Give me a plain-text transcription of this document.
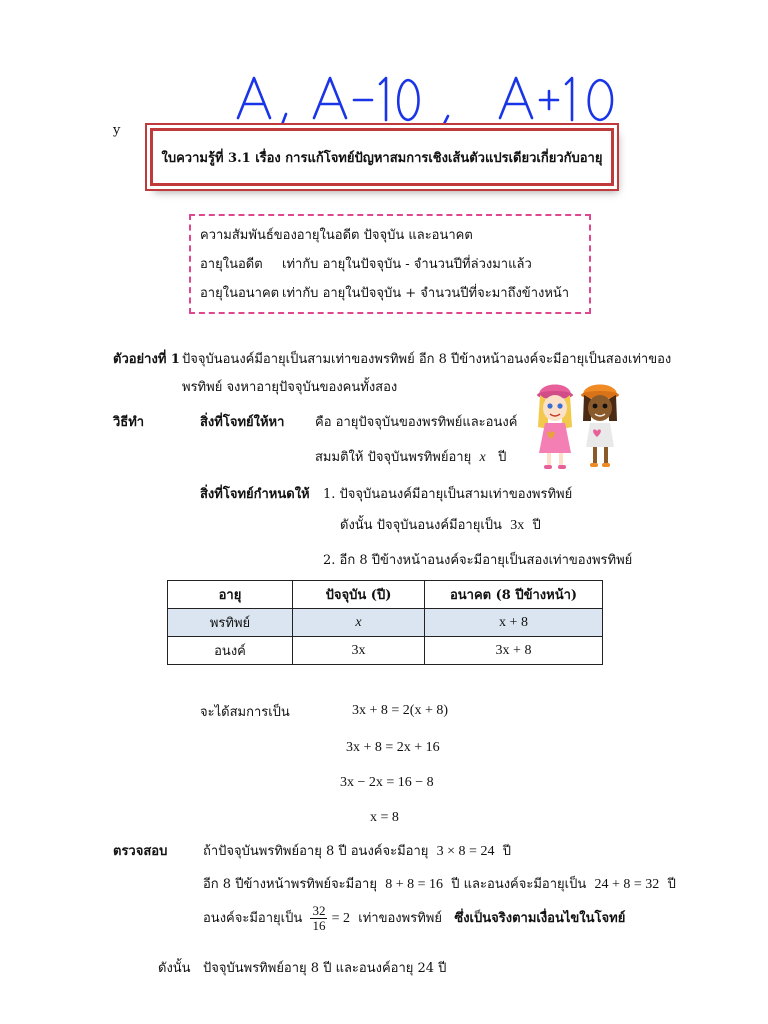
y
ใบความรู้ที่ 3.1 เรื่อง การแก้โจทย์ปัญหาสมการเชิงเส้นตัวแปรเดียวเกี่ยวกับอายุ
ความสัมพันธ์ของอายุในอดีต ปัจจุบัน และอนาคต
อายุในอดีต เท่ากับ อายุในปัจจุบัน - จำนวนปีที่ล่วงมาแล้ว
อายุในอนาคต เท่ากับ อายุในปัจจุบัน + จำนวนปีที่จะมาถึงข้างหน้า
ตัวอย่างที่ 1 ปัจจุบันอนงค์มีอายุเป็นสามเท่าของพรทิพย์ อีก 8 ปีข้างหน้าอนงค์จะมีอายุเป็นสองเท่าของ
พรทิพย์ จงหาอายุปัจจุบันของคนทั้งสอง
วิธีทำ	สิ่งที่โจทย์ให้หา คือ อายุปัจจุบันของพรทิพย์และอนงค์
สมมติให้ ปัจจุบันพรทิพย์อายุ x ปี
สิ่งที่โจทย์กำหนดให้ 1. ปัจจุบันอนงค์มีอายุเป็นสามเท่าของพรทิพย์
ดังนั้น ปัจจุบันอนงค์มีอายุเป็น 3x ปี
2. อีก 8 ปีข้างหน้าอนงค์จะมีอายุเป็นสองเท่าของพรทิพย์
อายุ	ปัจจุบัน (ปี)	อนาคต (8 ปีข้างหน้า)
พรทิพย์	x	x + 8
อนงค์	3x	3x + 8
จะได้สมการเป็น	3x + 8 = 2(x + 8)
3x + 8 = 2x + 16
3x − 2x = 16 − 8
x = 8
ตรวจสอบ	ถ้าปัจจุบันพรทิพย์อายุ 8 ปี อนงค์จะมีอายุ 3 × 8 = 24 ปี
อีก 8 ปีข้างหน้าพรทิพย์จะมีอายุ 8 + 8 = 16 ปี และอนงค์จะมีอายุเป็น 24 + 8 = 32 ปี
อนงค์จะมีอายุเป็น $\frac{32}{16} = 2$ เท่าของพรทิพย์ ซึ่งเป็นจริงตามเงื่อนไขในโจทย์
ดังนั้น ปัจจุบันพรทิพย์อายุ 8 ปี และอนงค์อายุ 24 ปี
